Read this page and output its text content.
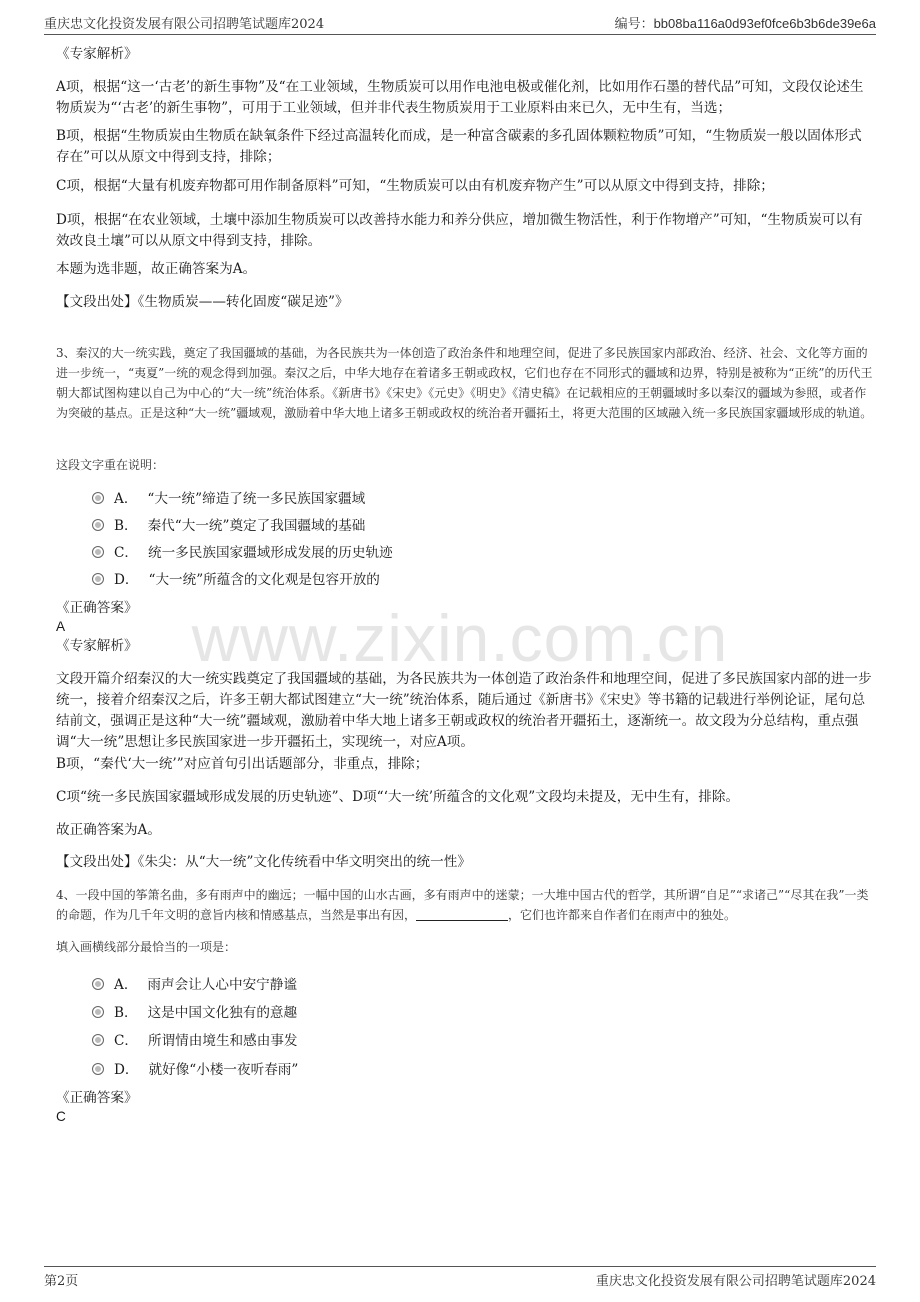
重庆忠文化投资发展有限公司招聘笔试题库2024	编号：bb08ba116a0d93ef0fce6b3b6de39e6a
www.zixin.com.cn

《专家解析》

A项，根据“这一‘古老’的新生事物”及“在工业领域，生物质炭可以用作电池电极或催化剂，比如用作石墨的替代品”可知，文段仅论述生物质炭为“‘古老’的新生事物”，可用于工业领域，但并非代表生物质炭用于工业原料由来已久，无中生有，当选；

B项，根据“生物质炭由生物质在缺氧条件下经过高温转化而成，是一种富含碳素的多孔固体颗粒物质”可知，“生物质炭一般以固体形式存在”可以从原文中得到支持，排除；

C项，根据“大量有机废弃物都可用作制备原料”可知，“生物质炭可以由有机废弃物产生”可以从原文中得到支持，排除；

D项，根据“在农业领域，土壤中添加生物质炭可以改善持水能力和养分供应，增加微生物活性，利于作物增产”可知，“生物质炭可以有效改良土壤”可以从原文中得到支持，排除。

本题为选非题，故正确答案为A。

【文段出处】《生物质炭——转化固废“碳足迹”》

3、秦汉的大一统实践，奠定了我国疆域的基础，为各民族共为一体创造了政治条件和地理空间，促进了多民族国家内部政治、经济、社会、文化等方面的进一步统一，“夷夏”一统的观念得到加强。秦汉之后，中华大地存在着诸多王朝或政权，它们也存在不同形式的疆域和边界，特别是被称为“正统”的历代王朝大都试图构建以自己为中心的“大一统”统治体系。《新唐书》《宋史》《元史》《明史》《清史稿》在记载相应的王朝疆域时多以秦汉的疆域为参照，或者作为突破的基点。正是这种“大一统”疆域观，激励着中华大地上诸多王朝或政权的统治者开疆拓土，将更大范围的区域融入统一多民族国家疆域形成的轨道。

这段文字重在说明：

A． “大一统”缔造了统一多民族国家疆域
B． 秦代“大一统”奠定了我国疆域的基础
C． 统一多民族国家疆域形成发展的历史轨迹
D． “大一统”所蕴含的文化观是包容开放的

《正确答案》

A

《专家解析》

文段开篇介绍秦汉的大一统实践奠定了我国疆域的基础，为各民族共为一体创造了政治条件和地理空间，促进了多民族国家内部的进一步统一，接着介绍秦汉之后，许多王朝大都试图建立“大一统”统治体系，随后通过《新唐书》《宋史》等书籍的记载进行举例论证，尾句总结前文，强调正是这种“大一统”疆域观，激励着中华大地上诸多王朝或政权的统治者开疆拓土，逐渐统一。故文段为分总结构，重点强调“大一统”思想让多民族国家进一步开疆拓土，实现统一，对应A项。

B项，“秦代‘大一统’”对应首句引出话题部分，非重点，排除；

C项“统一多民族国家疆域形成发展的历史轨迹”、D项“‘大一统’所蕴含的文化观”文段均未提及，无中生有，排除。

故正确答案为A。

【文段出处】《朱尖：从“大一统”文化传统看中华文明突出的统一性》

4、一段中国的筝箫名曲，多有雨声中的幽远；一幅中国的山水古画，多有雨声中的迷蒙；一大堆中国古代的哲学，其所谓“自足”“求诸己”“尽其在我”一类的命题，作为几千年文明的意旨内核和情感基点，当然是事出有因，	，它们也许都来自作者们在雨声中的独处。

填入画横线部分最恰当的一项是：

A． 雨声会让人心中安宁静谧
B． 这是中国文化独有的意趣
C． 所谓情由境生和感由事发
D． 就好像“小楼一夜听春雨”

《正确答案》

C

第2页	重庆忠文化投资发展有限公司招聘笔试题库2024
